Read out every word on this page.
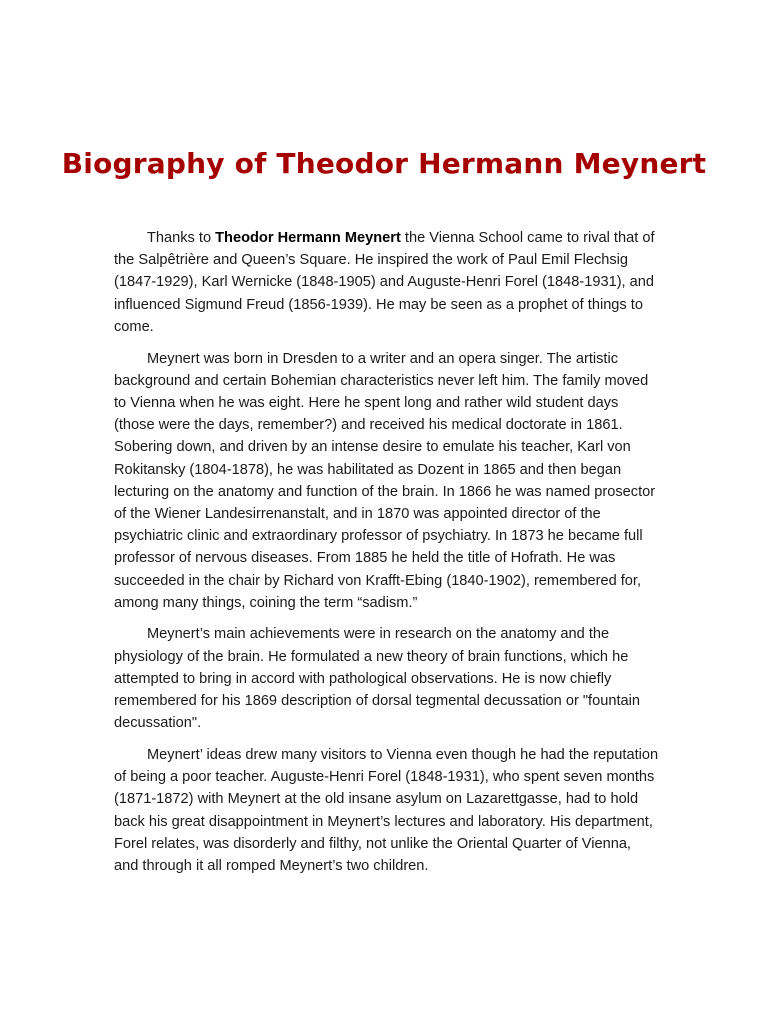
Biography of Theodor Hermann Meynert

Thanks to Theodor Hermann Meynert the Vienna School came to rival that of the Salpêtrière and Queen’s Square. He inspired the work of Paul Emil Flechsig (1847-1929), Karl Wernicke (1848-1905) and Auguste-Henri Forel (1848-1931), and influenced Sigmund Freud (1856-1939). He may be seen as a prophet of things to come.

Meynert was born in Dresden to a writer and an opera singer. The artistic background and certain Bohemian characteristics never left him. The family moved to Vienna when he was eight. Here he spent long and rather wild student days (those were the days, remember?) and received his medical doctorate in 1861. Sobering down, and driven by an intense desire to emulate his teacher, Karl von Rokitansky (1804-1878), he was habilitated as Dozent in 1865 and then began lecturing on the anatomy and function of the brain. In 1866 he was named prosector of the Wiener Landesirrenanstalt, and in 1870 was appointed director of the psychiatric clinic and extraordinary professor of psychiatry. In 1873 he became full professor of nervous diseases. From 1885 he held the title of Hofrath. He was succeeded in the chair by Richard von Krafft-Ebing (1840-1902), remembered for, among many things, coining the term “sadism.”

Meynert’s main achievements were in research on the anatomy and the physiology of the brain. He formulated a new theory of brain functions, which he attempted to bring in accord with pathological observations. He is now chiefly remembered for his 1869 description of dorsal tegmental decussation or "fountain decussation".

Meynert’ ideas drew many visitors to Vienna even though he had the reputation of being a poor teacher. Auguste-Henri Forel (1848-1931), who spent seven months (1871-1872) with Meynert at the old insane asylum on Lazarettgasse, had to hold back his great disappointment in Meynert’s lectures and laboratory. His department, Forel relates, was disorderly and filthy, not unlike the Oriental Quarter of Vienna, and through it all romped Meynert’s two children.
